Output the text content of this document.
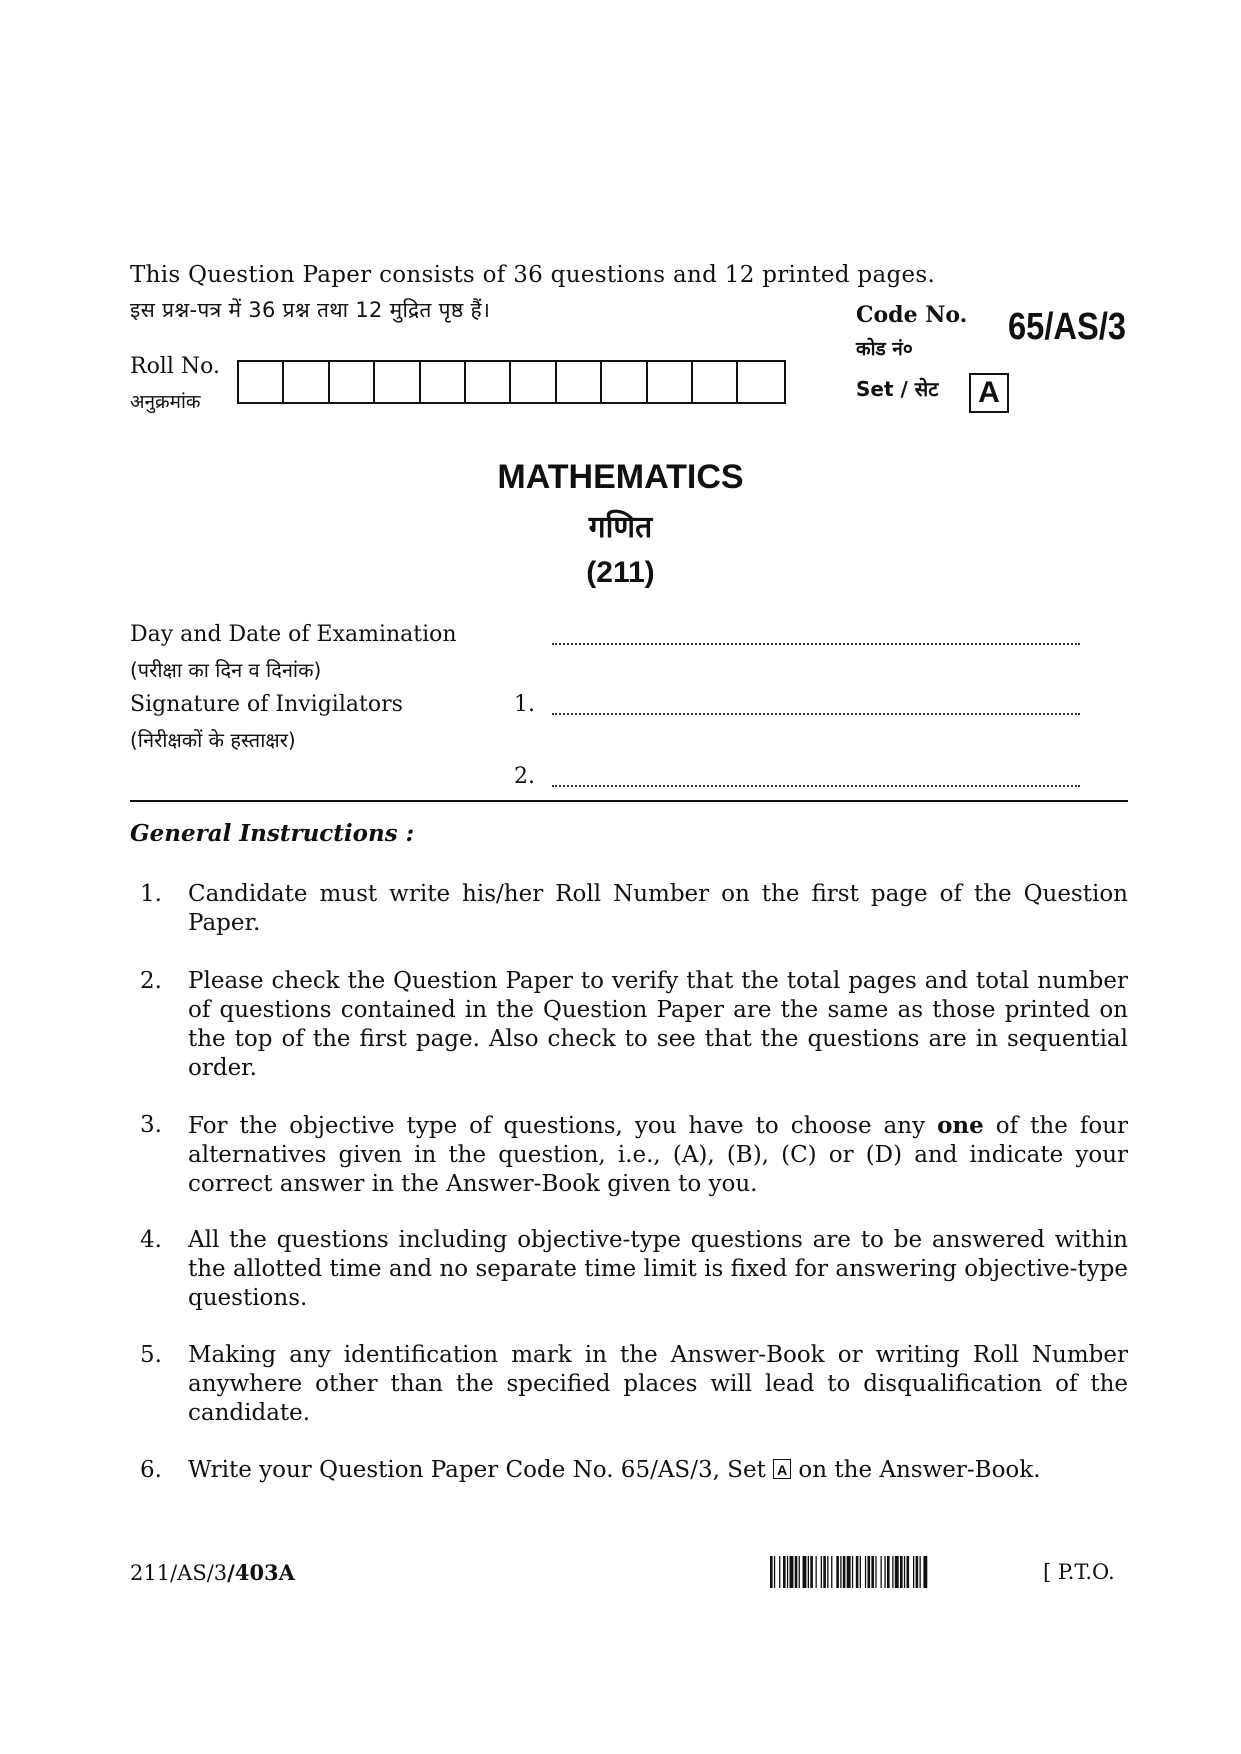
This Question Paper consists of 36 questions and 12 printed pages.
इस प्रश्न-पत्र में 36 प्रश्न तथा 12 मुद्रित पृष्ठ हैं।	Code No.
कोड नं०
65/AS/3
Set / सेट	A
Roll No.
अनुक्रमांक
MATHEMATICS
गणित
(211)
Day and Date of Examination
(परीक्षा का दिन व दिनांक)
Signature of Invigilators
(निरीक्षकों के हस्ताक्षर)
1.
2.
General Instructions :
1.	Candidate must write his/her Roll Number on the first page of the Question Paper.
2.	Please check the Question Paper to verify that the total pages and total number of questions contained in the Question Paper are the same as those printed on the top of the first page. Also check to see that the questions are in sequential order.
3.	For the objective type of questions, you have to choose any one of the four alternatives given in the question, i.e., (A), (B), (C) or (D) and indicate your correct answer in the Answer-Book given to you.
4.	All the questions including objective-type questions are to be answered within the allotted time and no separate time limit is fixed for answering objective-type questions.
5.	Making any identification mark in the Answer-Book or writing Roll Number anywhere other than the specified places will lead to disqualification of the candidate.
6.	Write your Question Paper Code No. 65/AS/3, Set A on the Answer-Book.
211/AS/3/403A	[ P.T.O.
